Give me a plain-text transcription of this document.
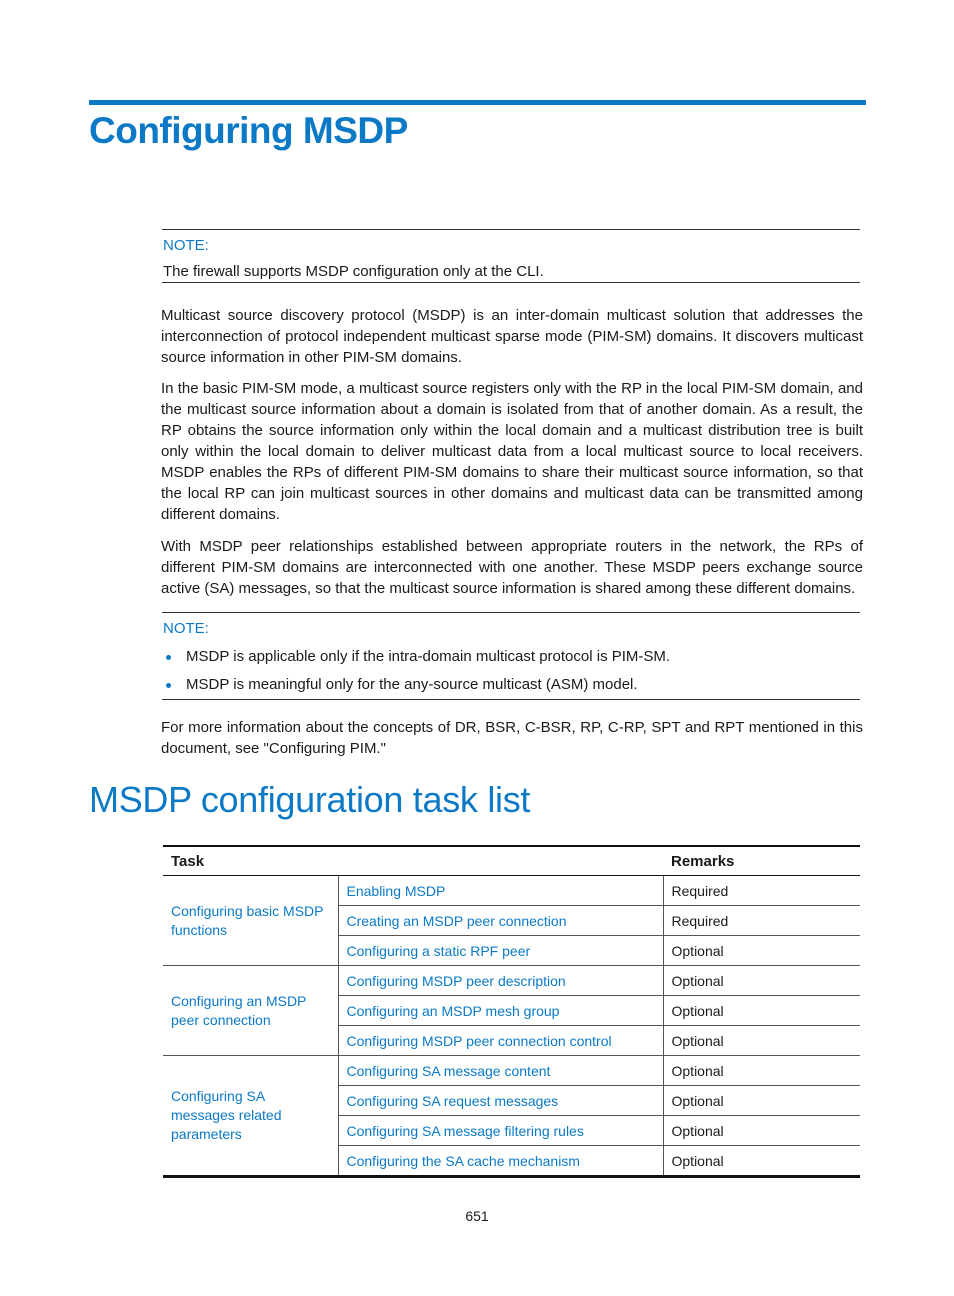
Configuring MSDP
NOTE:
The firewall supports MSDP configuration only at the CLI.

Multicast source discovery protocol (MSDP) is an inter-domain multicast solution that addresses the interconnection of protocol independent multicast sparse mode (PIM-SM) domains. It discovers multicast source information in other PIM-SM domains.

In the basic PIM-SM mode, a multicast source registers only with the RP in the local PIM-SM domain, and the multicast source information about a domain is isolated from that of another domain. As a result, the RP obtains the source information only within the local domain and a multicast distribution tree is built only within the local domain to deliver multicast data from a local multicast source to local receivers. MSDP enables the RPs of different PIM-SM domains to share their multicast source information, so that the local RP can join multicast sources in other domains and multicast data can be transmitted among different domains.

With MSDP peer relationships established between appropriate routers in the network, the RPs of different PIM-SM domains are interconnected with one another. These MSDP peers exchange source active (SA) messages, so that the multicast source information is shared among these different domains.

NOTE:
MSDP is applicable only if the intra-domain multicast protocol is PIM-SM.
MSDP is meaningful only for the any-source multicast (ASM) model.

For more information about the concepts of DR, BSR, C-BSR, RP, C-RP, SPT and RPT mentioned in this document, see "Configuring PIM."

MSDP configuration task list
Task		Remarks
Configuring basic MSDP functions	Enabling MSDP	Required
	Creating an MSDP peer connection	Required
	Configuring a static RPF peer	Optional
Configuring an MSDP peer connection	Configuring MSDP peer description	Optional
	Configuring an MSDP mesh group	Optional
	Configuring MSDP peer connection control	Optional
Configuring SA messages related parameters	Configuring SA message content	Optional
	Configuring SA request messages	Optional
	Configuring SA message filtering rules	Optional
	Configuring the SA cache mechanism	Optional
651
